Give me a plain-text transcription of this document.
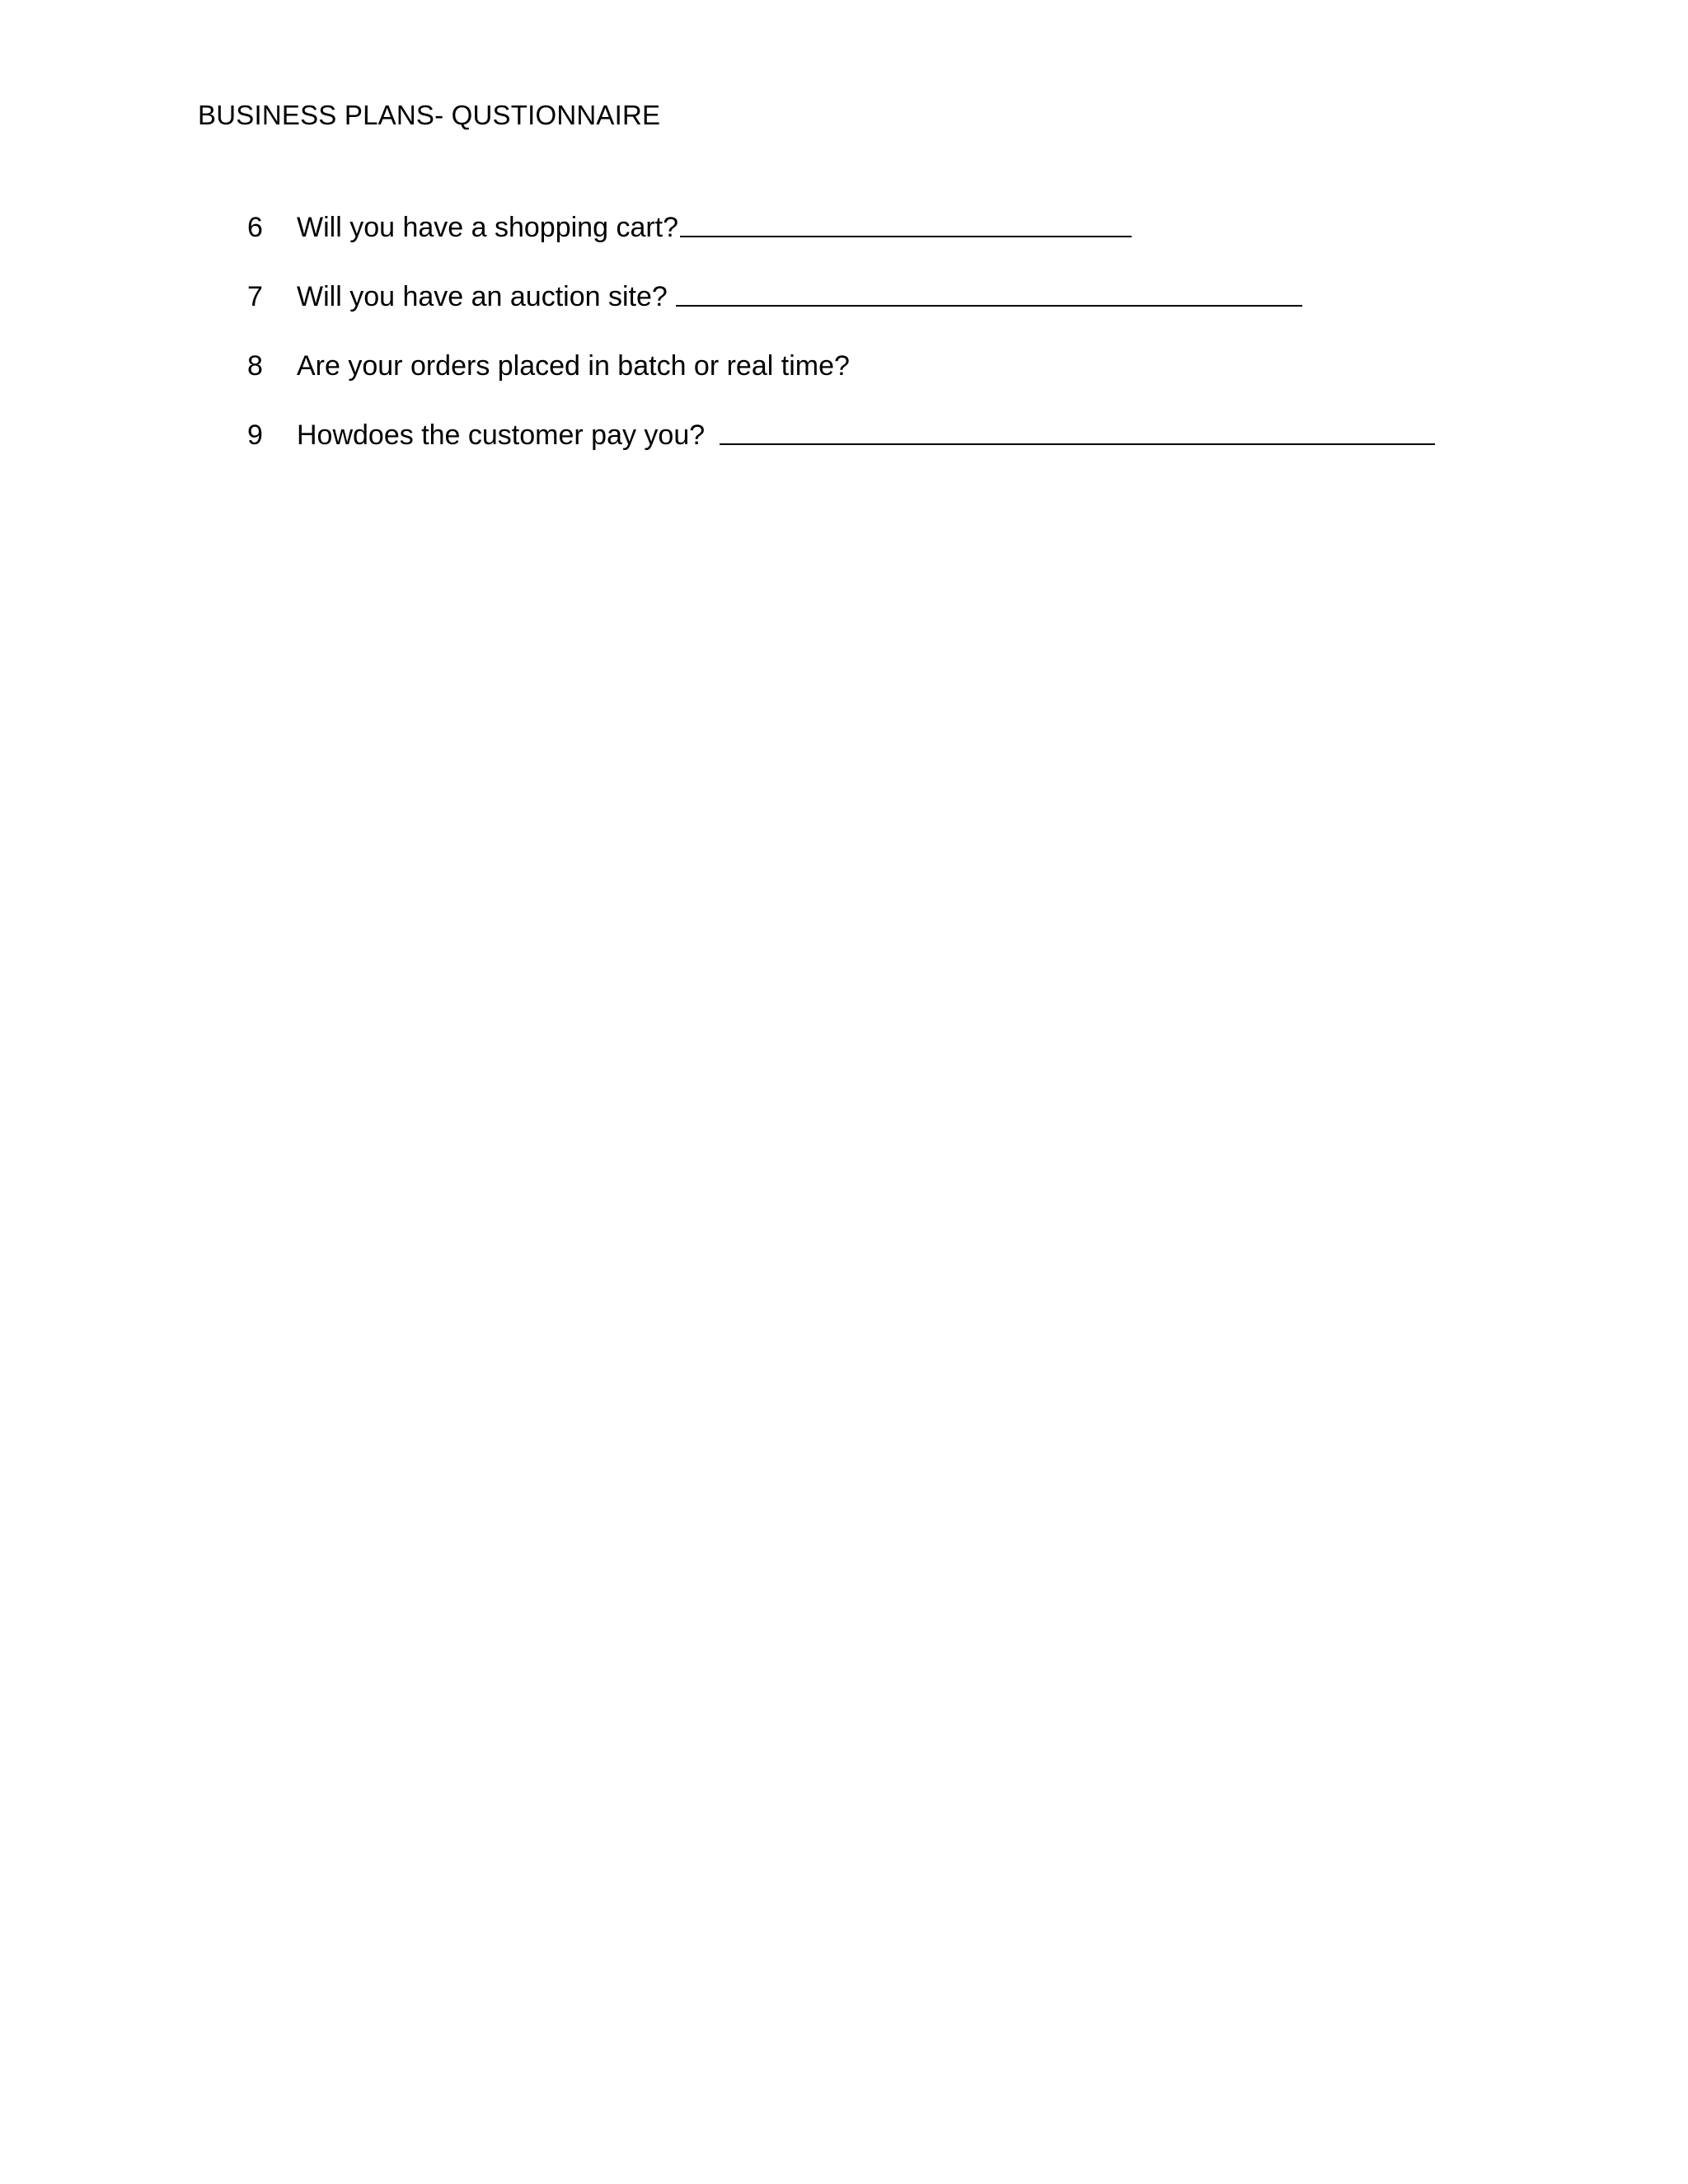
BUSINESS PLANS- QUSTIONNAIRE
6	Will you have a shopping cart?
7	Will you have an auction site?
8	Are your orders placed in batch or real time?
9	Howdoes the customer pay you?
